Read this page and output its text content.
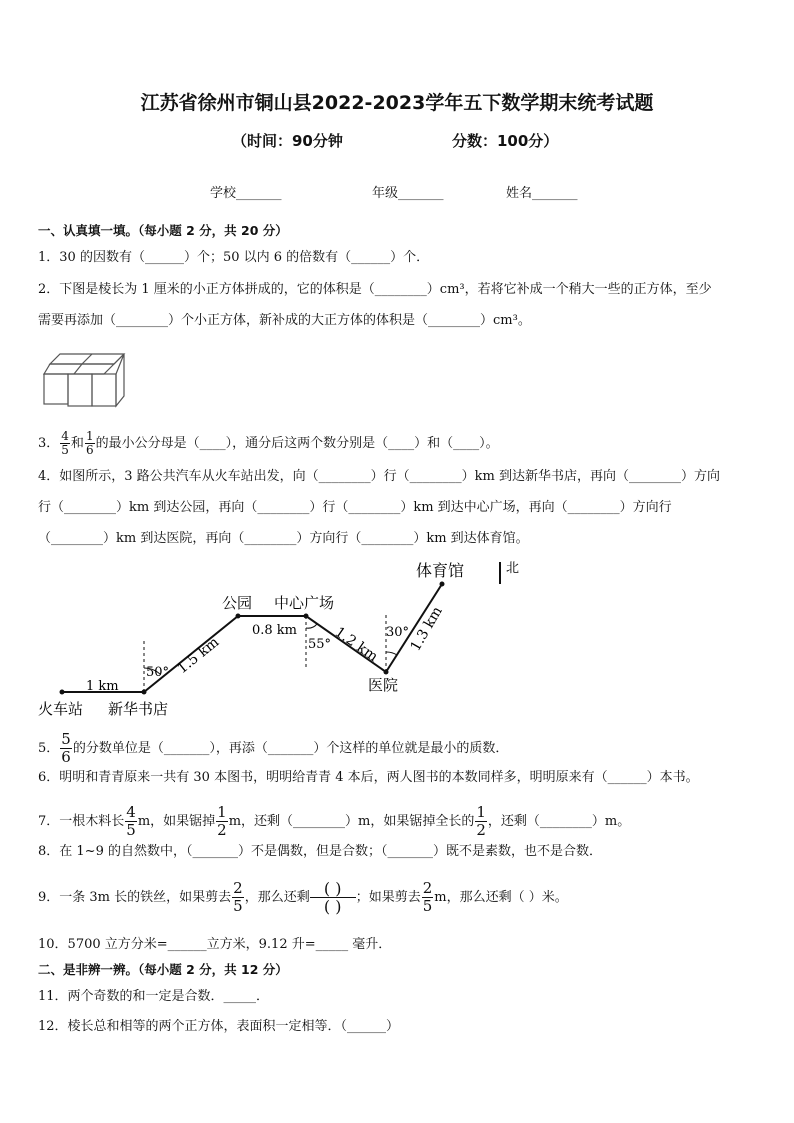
江苏省徐州市铜山县2022-2023学年五下数学期末统考试题
（时间：90分钟	分数：100分）
学校_______	年级_______	姓名_______
一、认真填一填。（每小题 2 分，共 20 分）
1．30 的因数有（______）个；50 以内 6 的倍数有（______）个．
2．下图是棱长为 1 厘米的小正方体拼成的，它的体积是（________）cm³，若将它补成一个稍大一些的正方体，至少
需要再添加（________）个小正方体，新补成的大正方体的体积是（________）cm³。
3． $\frac{4}{5}$ 和 $\frac{1}{6}$ 的最小公分母是（____），通分后这两个数分别是（____）和（____）。
4．如图所示，3 路公共汽车从火车站出发，向（________）行（________）km 到达新华书店，再向（________）方向
行（________）km 到达公园，再向（________）行（________）km 到达中心广场，再向（________）方向行
（________）km 到达医院，再向（________）方向行（________）km 到达体育馆。
北
体育馆
公园 中心广场
0.8 km
55° 1.2 km 30°
1.3 km
50° 1.5 km
1 km
火车站 新华书店
医院
5． $\frac{5}{6}$ 的分数单位是（_______），再添（_______）个这样的单位就是最小的质数．
6．明明和青青原来一共有 30 本图书，明明给青青 4 本后，两人图书的本数同样多，明明原来有（______）本书。
7．一根木料长 $\frac{4}{5}$ m，如果锯掉 $\frac{1}{2}$ m，还剩（________）m，如果锯掉全长的 $\frac{1}{2}$ ，还剩（________）m。
8．在 1~9 的自然数中，（_______）不是偶数，但是合数；（_______）既不是素数，也不是合数．
9．一条 3m 长的铁丝，如果剪去 $\frac{2}{5}$ ，那么还剩 $\frac{( )}{( )}$ ；如果剪去 $\frac{2}{5}$ m，那么还剩（ ）米。
10．5700 立方分米=______立方米，9.12 升=_____ 毫升．
二、是非辨一辨。（每小题 2 分，共 12 分）
11．两个奇数的和一定是合数．_____．
12．棱长总和相等的两个正方体，表面积一定相等．（______）
